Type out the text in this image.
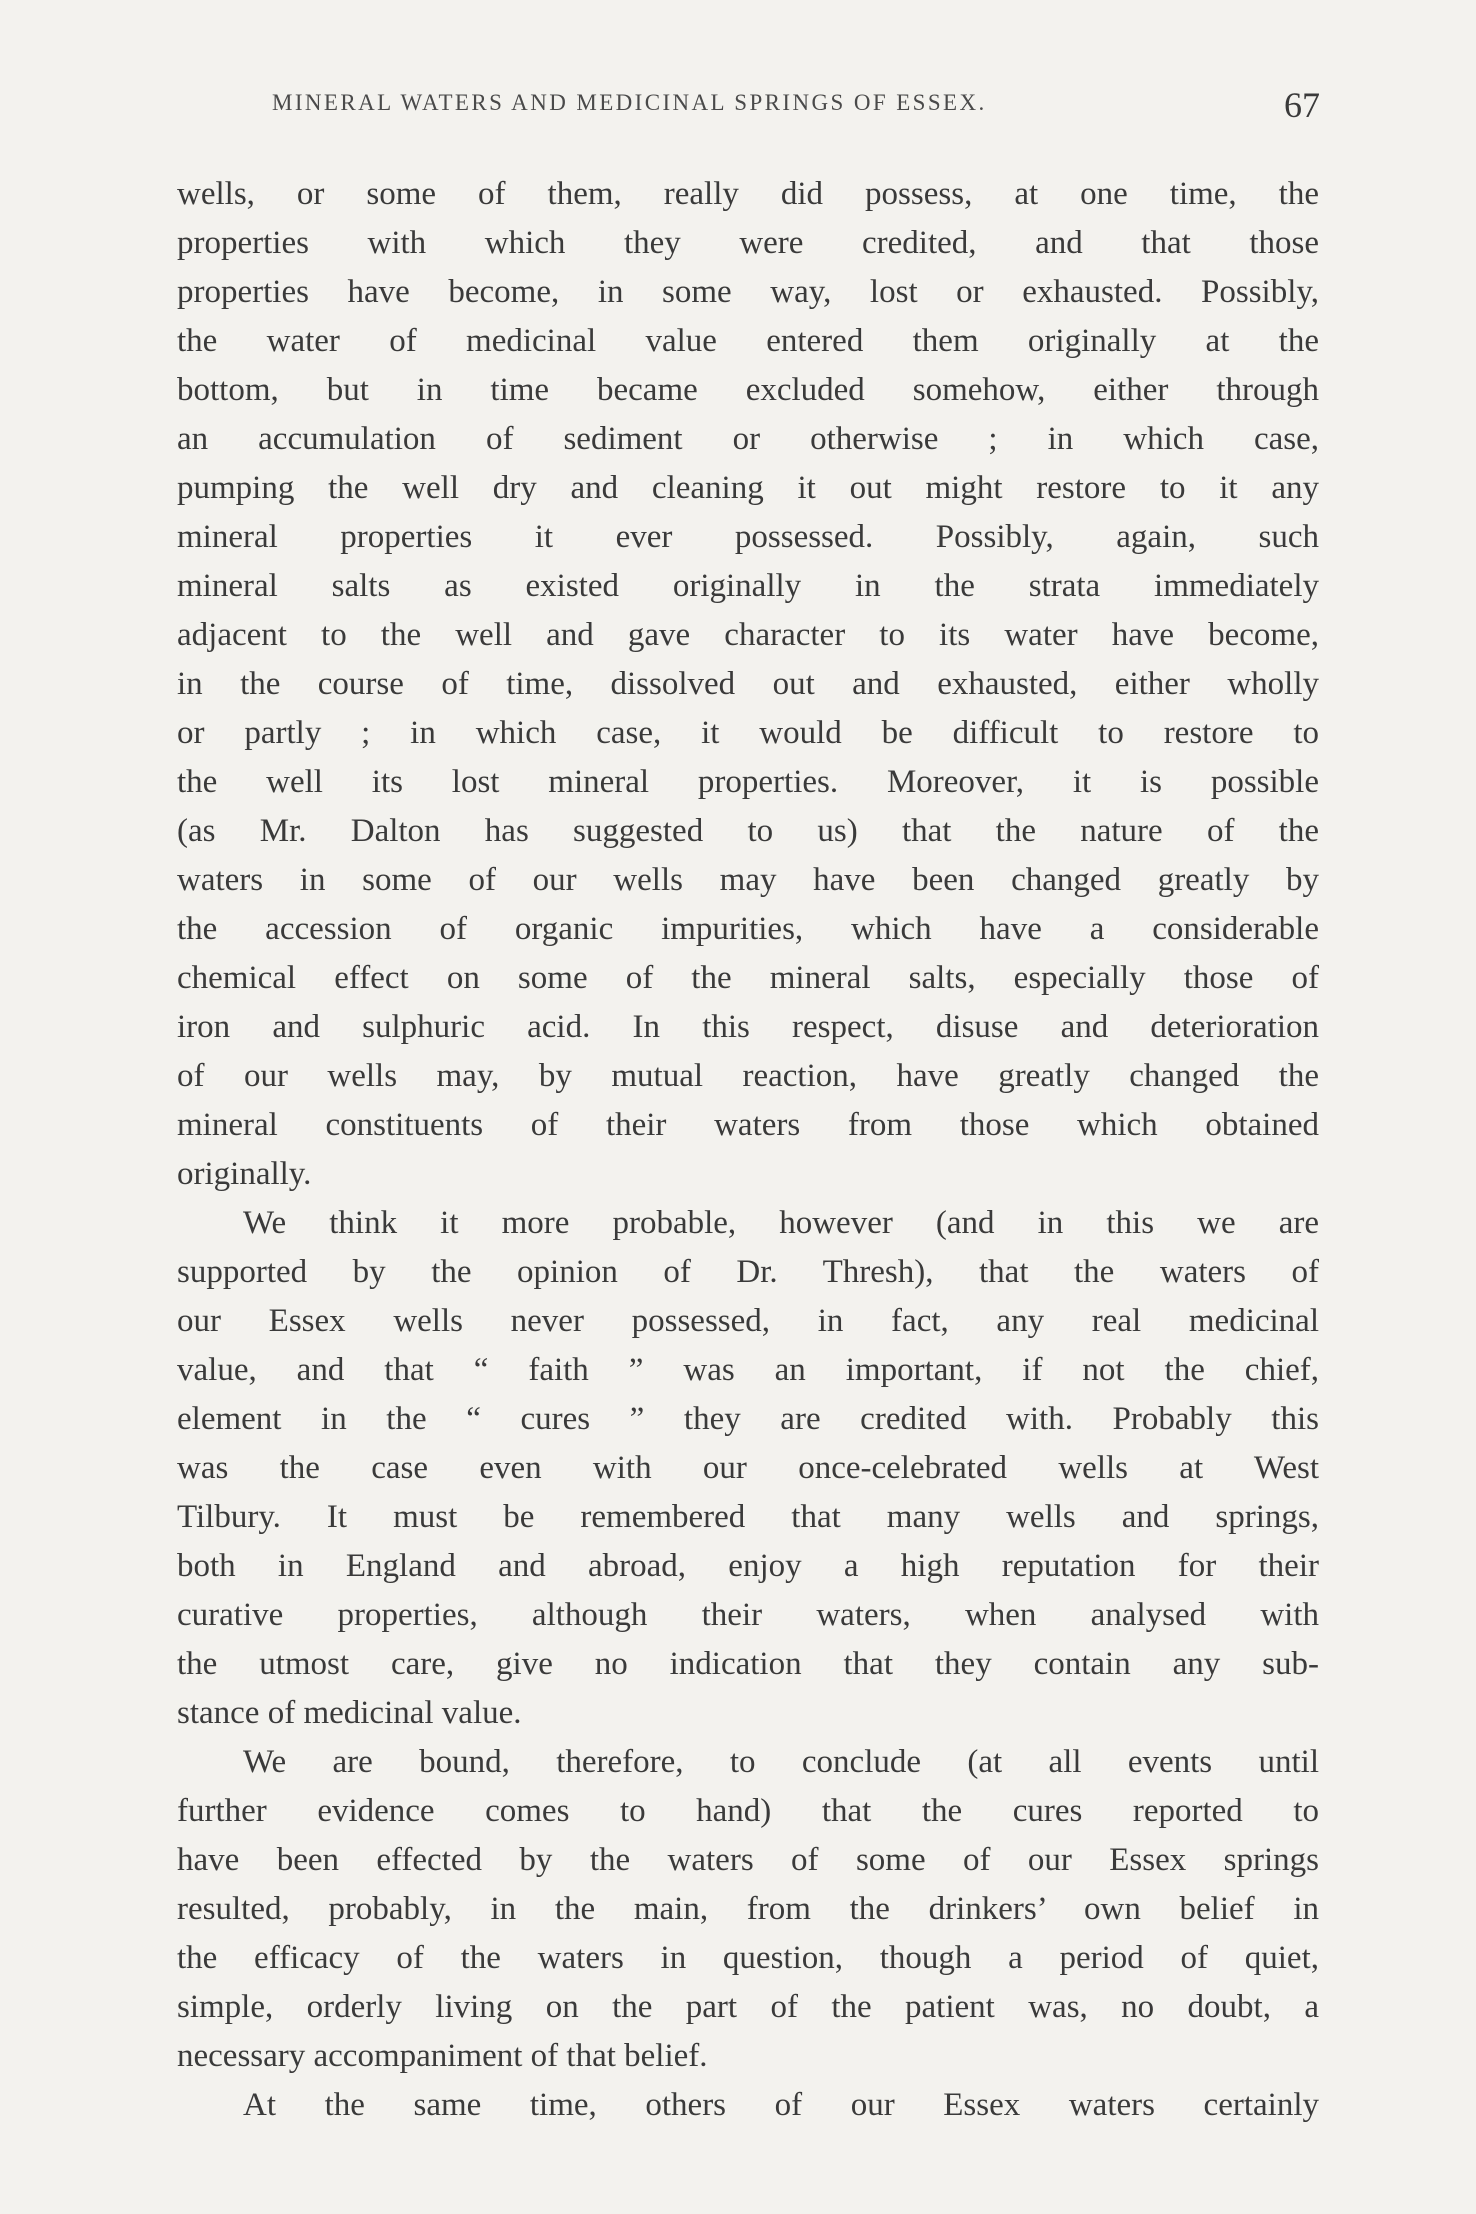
MINERAL WATERS AND MEDICINAL SPRINGS OF ESSEX.	67
wells, or some of them, really did possess, at one time, the
properties with which they were credited, and that those
properties have become, in some way, lost or exhausted. Possibly,
the water of medicinal value entered them originally at the
bottom, but in time became excluded somehow, either through
an accumulation of sediment or otherwise ; in which case,
pumping the well dry and cleaning it out might restore to it any
mineral properties it ever possessed. Possibly, again, such
mineral salts as existed originally in the strata immediately
adjacent to the well and gave character to its water have become,
in the course of time, dissolved out and exhausted, either wholly
or partly ; in which case, it would be difficult to restore to
the well its lost mineral properties. Moreover, it is possible
(as Mr. Dalton has suggested to us) that the nature of the
waters in some of our wells may have been changed greatly by
the accession of organic impurities, which have a considerable
chemical effect on some of the mineral salts, especially those of
iron and sulphuric acid. In this respect, disuse and deterioration
of our wells may, by mutual reaction, have greatly changed the
mineral constituents of their waters from those which obtained
originally.
We think it more probable, however (and in this we are
supported by the opinion of Dr. Thresh), that the waters of
our Essex wells never possessed, in fact, any real medicinal
value, and that “ faith ” was an important, if not the chief,
element in the “ cures ” they are credited with. Probably this
was the case even with our once-celebrated wells at West
Tilbury. It must be remembered that many wells and springs,
both in England and abroad, enjoy a high reputation for their
curative properties, although their waters, when analysed with
the utmost care, give no indication that they contain any sub-
stance of medicinal value.
We are bound, therefore, to conclude (at all events until
further evidence comes to hand) that the cures reported to
have been effected by the waters of some of our Essex springs
resulted, probably, in the main, from the drinkers’ own belief in
the efficacy of the waters in question, though a period of quiet,
simple, orderly living on the part of the patient was, no doubt, a
necessary accompaniment of that belief.
At the same time, others of our Essex waters certainly
